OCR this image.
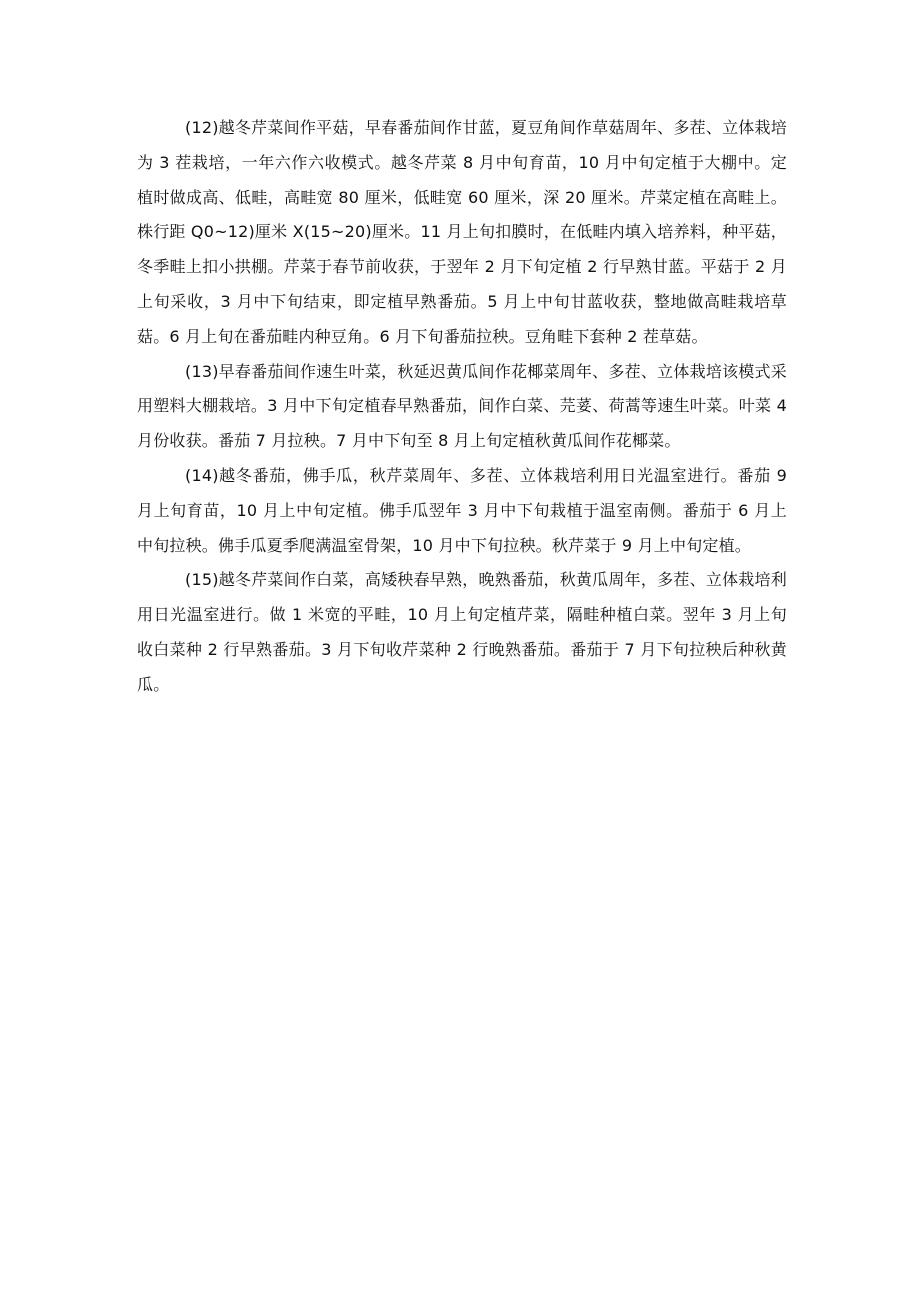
(12)越冬芹菜间作平菇，早春番茄间作甘蓝，夏豆角间作草菇周年、多茬、立体栽培为 3 茬栽培，一年六作六收模式。越冬芹菜 8 月中旬育苗，10 月中旬定植于大棚中。定植时做成高、低畦，高畦宽 80 厘米，低畦宽 60 厘米，深 20 厘米。芹菜定植在高畦上。株行距 Q0~12)厘米 X(15~20)厘米。11 月上旬扣膜时，在低畦内填入培养料，种平菇，冬季畦上扣小拱棚。芹菜于春节前收获，于翌年 2 月下旬定植 2 行早熟甘蓝。平菇于 2 月上旬采收，3 月中下旬结束，即定植早熟番茄。5 月上中旬甘蓝收获，整地做高畦栽培草菇。6 月上旬在番茄畦内种豆角。6 月下旬番茄拉秧。豆角畦下套种 2 茬草菇。

(13)早春番茄间作速生叶菜，秋延迟黄瓜间作花椰菜周年、多茬、立体栽培该模式采用塑料大棚栽培。3 月中下旬定植春早熟番茄，间作白菜、芫荽、荷蒿等速生叶菜。叶菜 4 月份收获。番茄 7 月拉秧。7 月中下旬至 8 月上旬定植秋黄瓜间作花椰菜。

(14)越冬番茄，佛手瓜，秋芹菜周年、多茬、立体栽培利用日光温室进行。番茄 9 月上旬育苗，10 月上中旬定植。佛手瓜翌年 3 月中下旬栽植于温室南侧。番茄于 6 月上中旬拉秧。佛手瓜夏季爬满温室骨架，10 月中下旬拉秧。秋芹菜于 9 月上中旬定植。

(15)越冬芹菜间作白菜，高矮秧春早熟，晚熟番茄，秋黄瓜周年，多茬、立体栽培利用日光温室进行。做 1 米宽的平畦，10 月上旬定植芹菜，隔畦种植白菜。翌年 3 月上旬收白菜种 2 行早熟番茄。3 月下旬收芹菜种 2 行晚熟番茄。番茄于 7 月下旬拉秧后种秋黄瓜。
